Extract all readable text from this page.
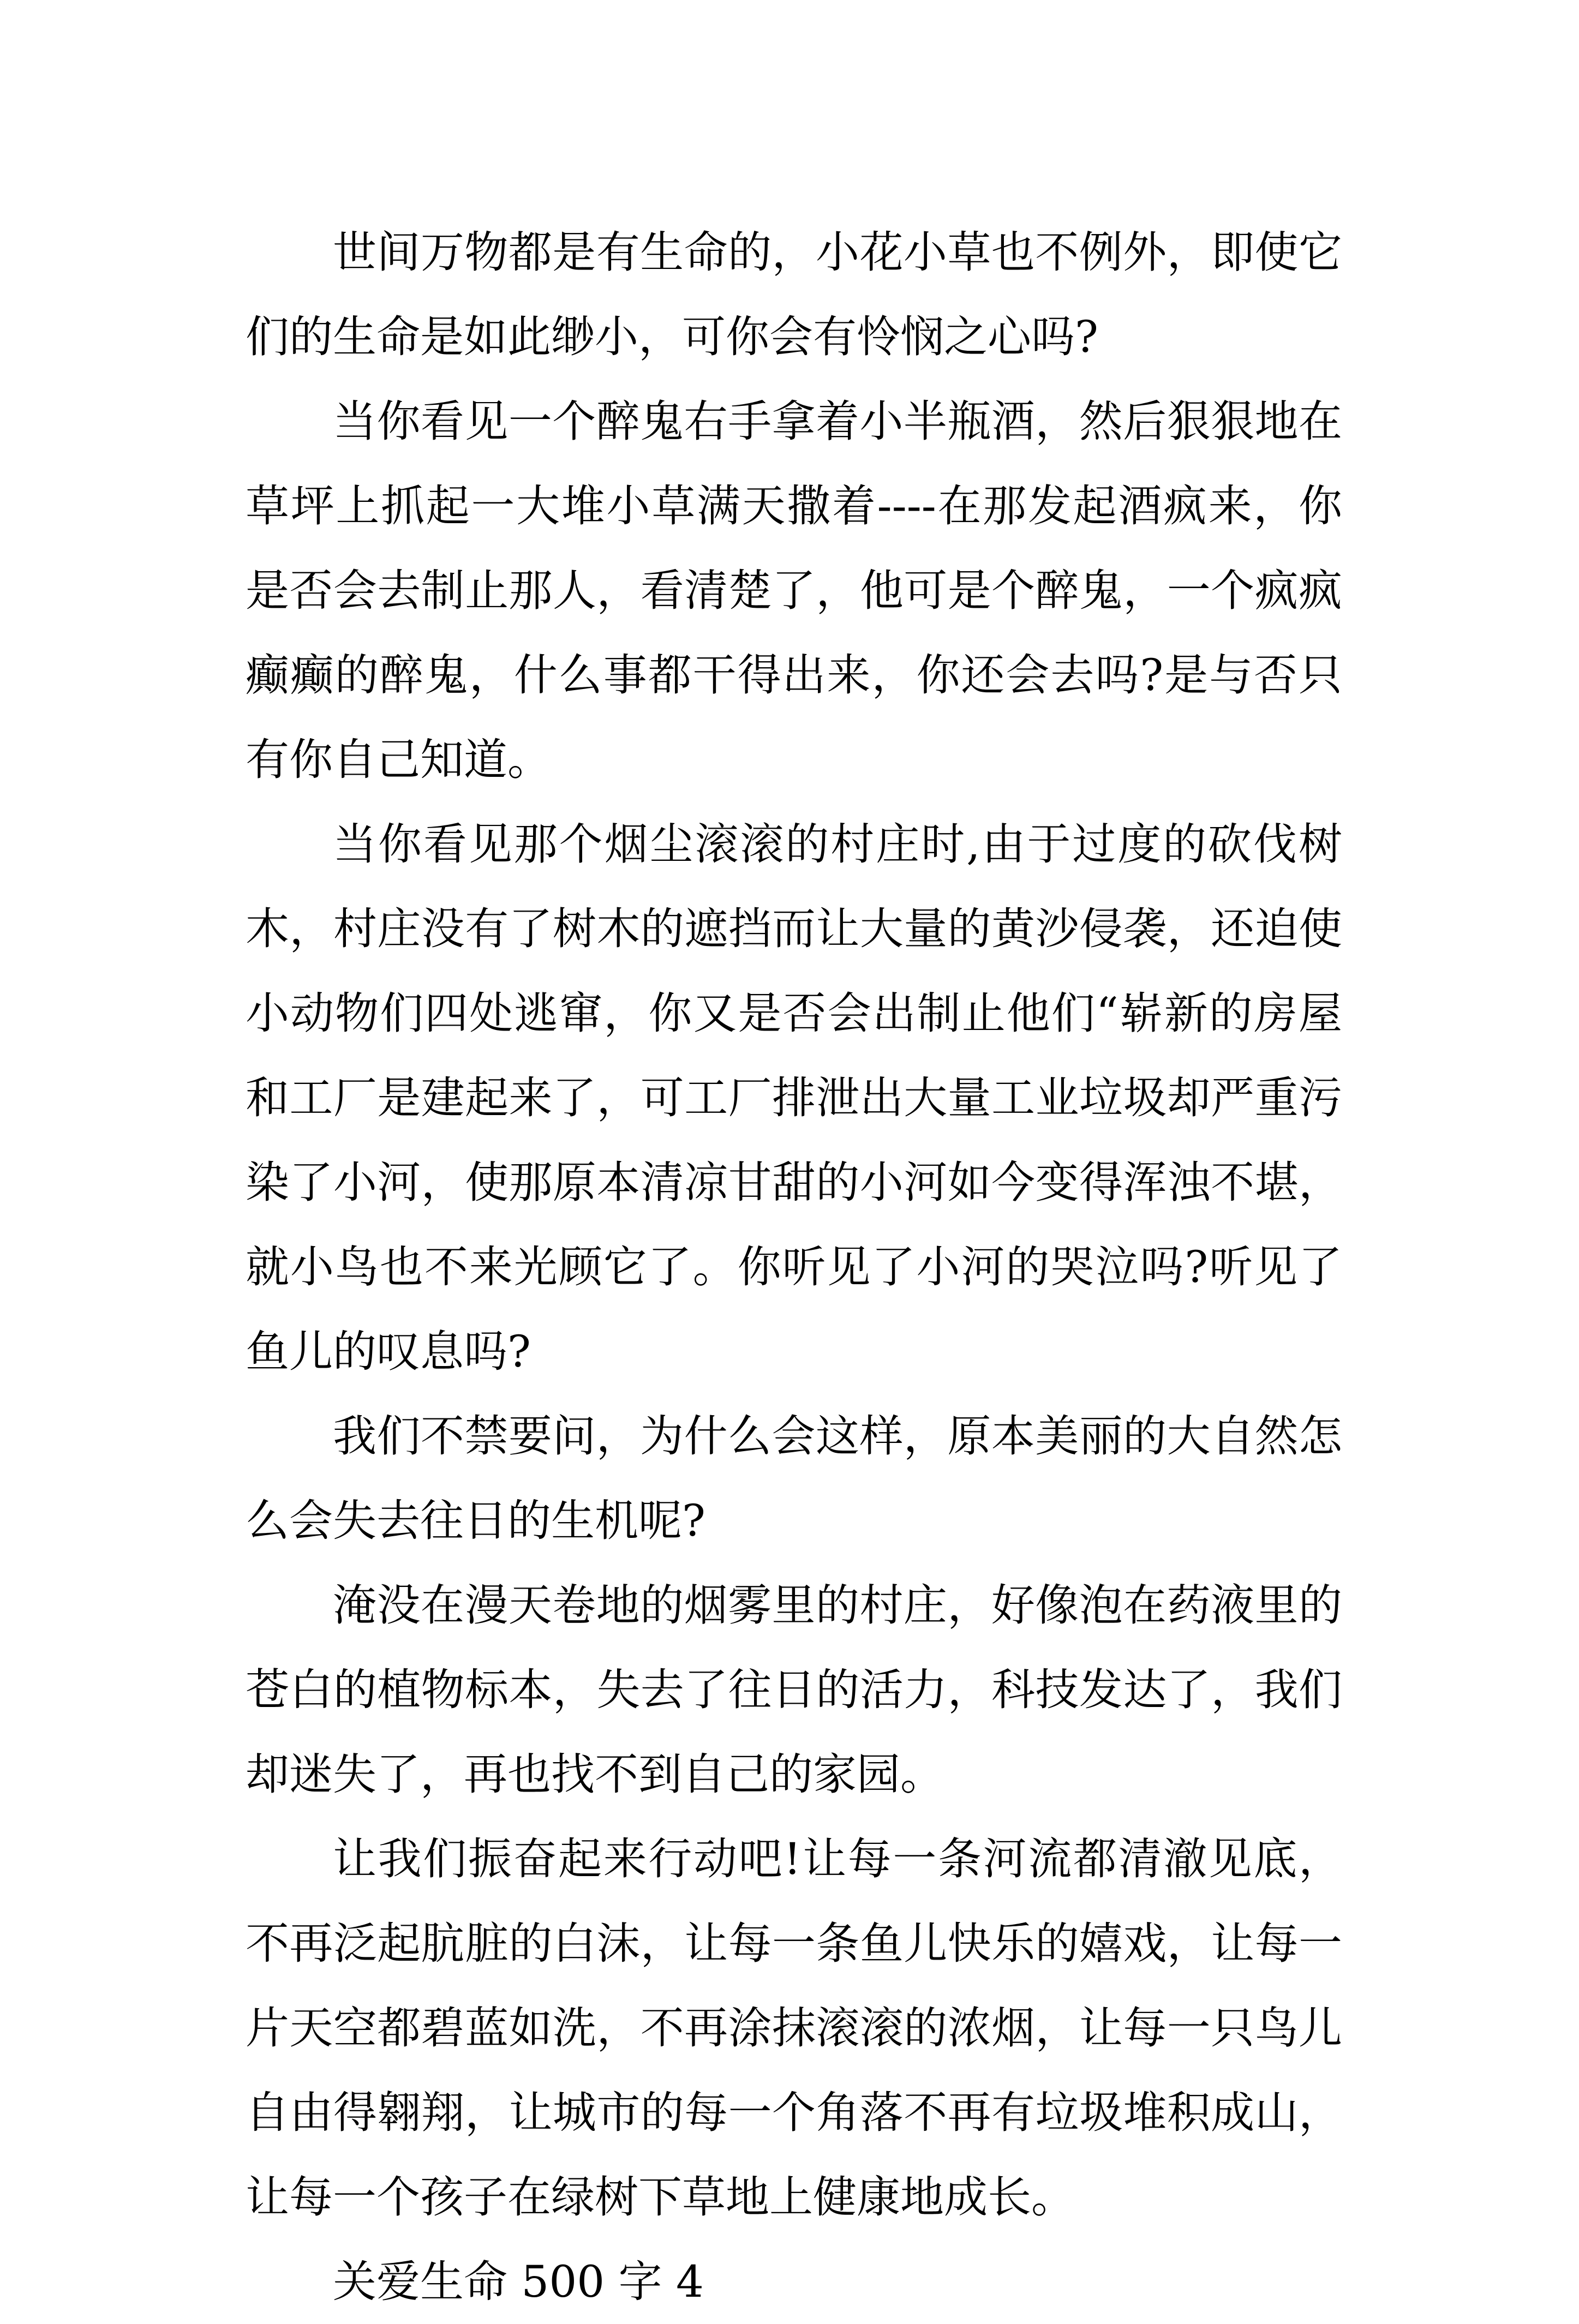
世间万物都是有生命的，小花小草也不例外，即使它们的生命是如此缈小，可你会有怜悯之心吗?

当你看见一个醉鬼右手拿着小半瓶酒，然后狠狠地在草坪上抓起一大堆小草满天撒着----在那发起酒疯来，你是否会去制止那人，看清楚了，他可是个醉鬼，一个疯疯癫癫的醉鬼，什么事都干得出来，你还会去吗?是与否只有你自己知道。

当你看见那个烟尘滚滚的村庄时,由于过度的砍伐树木，村庄没有了树木的遮挡而让大量的黄沙侵袭，还迫使小动物们四处逃窜，你又是否会出制止他们“崭新的房屋和工厂是建起来了，可工厂排泄出大量工业垃圾却严重污染了小河，使那原本清凉甘甜的小河如今变得浑浊不堪，就小鸟也不来光顾它了。你听见了小河的哭泣吗?听见了鱼儿的叹息吗?

我们不禁要问，为什么会这样，原本美丽的大自然怎么会失去往日的生机呢?

淹没在漫天卷地的烟雾里的村庄，好像泡在药液里的苍白的植物标本，失去了往日的活力，科技发达了，我们却迷失了，再也找不到自己的家园。

让我们振奋起来行动吧!让每一条河流都清澈见底，不再泛起肮脏的白沫，让每一条鱼儿快乐的嬉戏，让每一片天空都碧蓝如洗，不再涂抹滚滚的浓烟，让每一只鸟儿自由得翱翔，让城市的每一个角落不再有垃圾堆积成山，让每一个孩子在绿树下草地上健康地成长。

关爱生命 500 字 4
